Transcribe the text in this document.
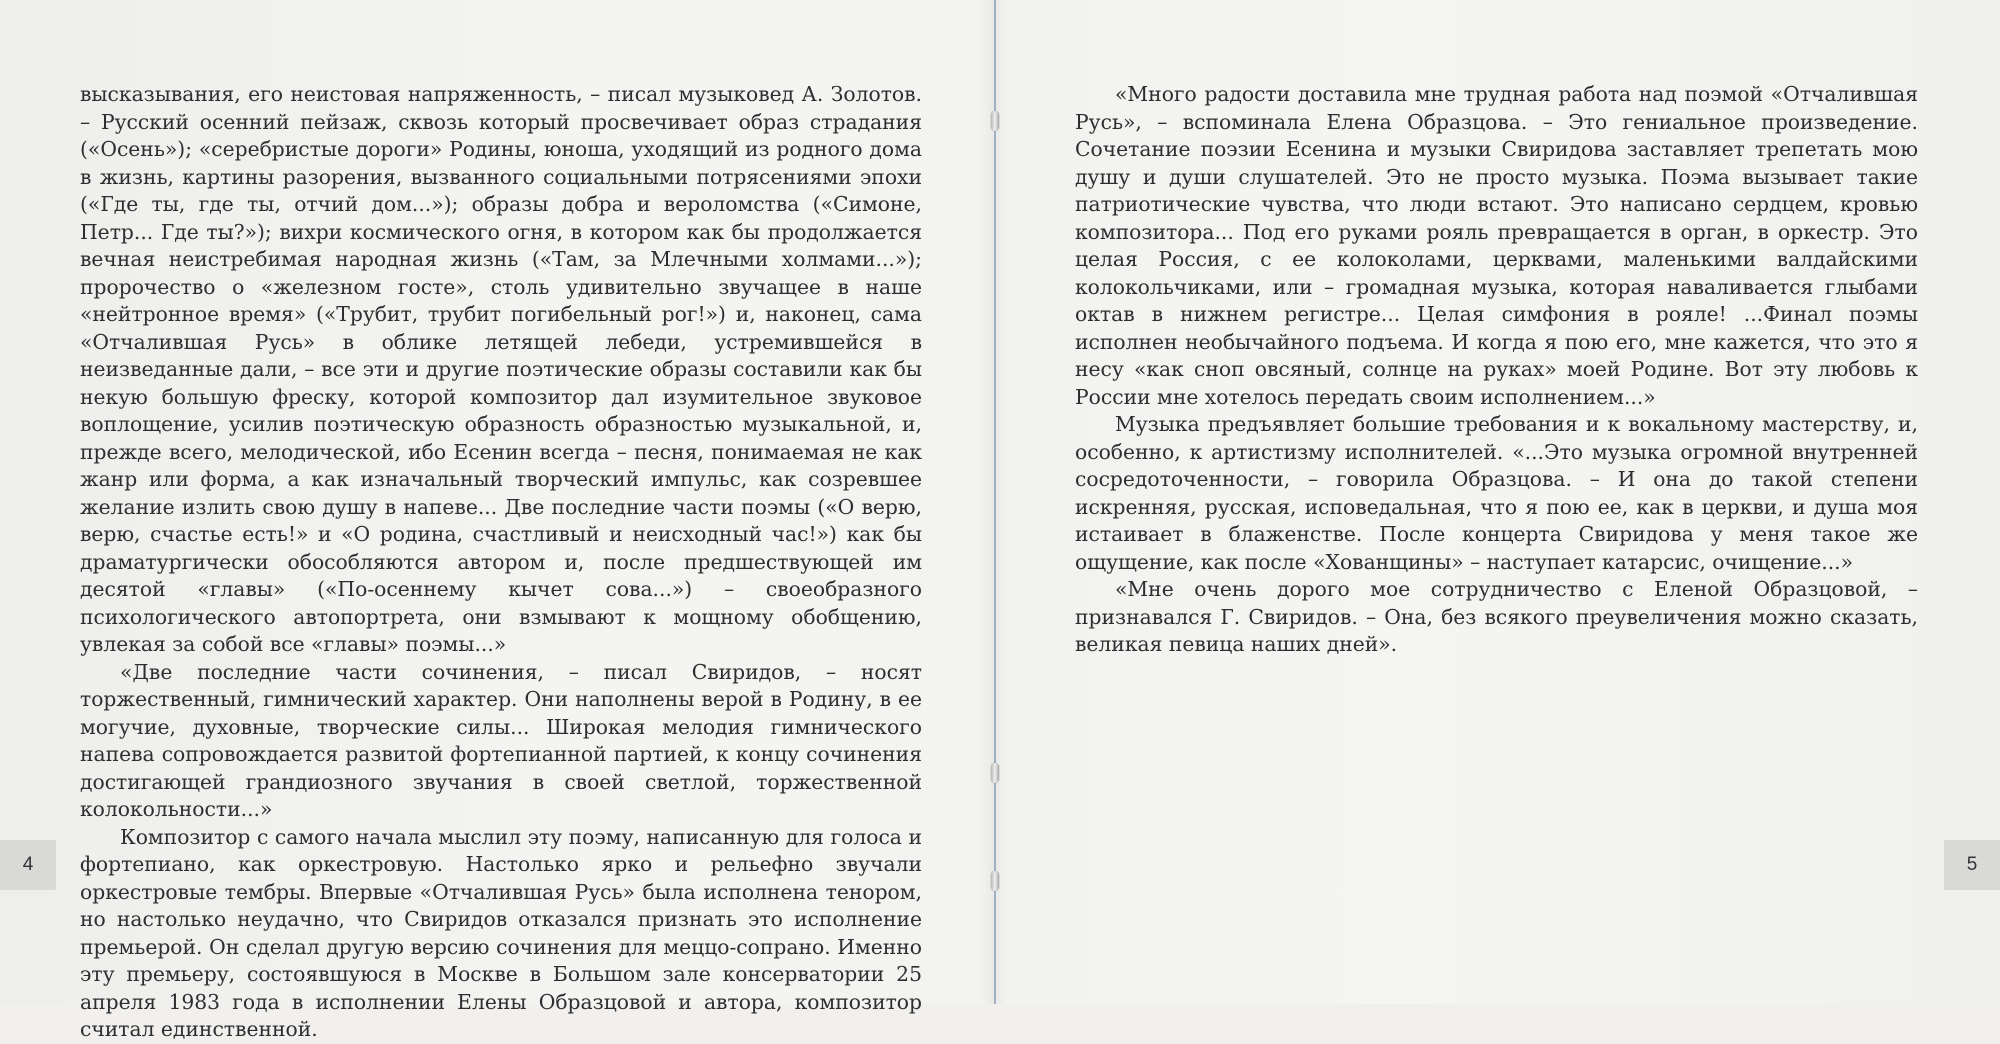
высказывания, его неистовая напряженность, – писал музыковед А. Золотов. – Русский осенний пейзаж, сквозь который просвечивает образ страдания («Осень»); «серебристые дороги» Родины, юноша, уходящий из родного дома в жизнь, картины разорения, вызванного социальными потрясениями эпохи («Где ты, где ты, отчий дом...»); образы добра и вероломства («Симоне, Петр... Где ты?»); вихри космического огня, в котором как бы продолжается вечная неистребимая народная жизнь («Там, за Млечными холмами...»); пророчество о «железном госте», столь удивительно звучащее в наше «нейтронное время» («Трубит, трубит погибельный рог!») и, наконец, сама «Отчалившая Русь» в облике летящей лебеди, устремившейся в неизведанные дали, – все эти и другие поэтические образы составили как бы некую большую фреску, которой композитор дал изумительное звуковое воплощение, усилив поэтическую образность образностью музыкальной, и, прежде всего, мелодической, ибо Есенин всегда – песня, понимаемая не как жанр или форма, а как изначальный творческий импульс, как созревшее желание излить свою душу в напеве... Две последние части поэмы («О верю, верю, счастье есть!» и «О родина, счастливый и неисходный час!») как бы драматургически обособляются автором и, после предшествующей им десятой «главы» («По-осеннему кычет сова...») – своеобразного психологического автопортрета, они взмывают к мощному обобщению, увлекая за собой все «главы» поэмы...»

«Две последние части сочинения, – писал Свиридов, – носят торжественный, гимнический характер. Они наполнены верой в Родину, в ее могучие, духовные, творческие силы... Широкая мелодия гимнического напева сопровождается развитой фортепианной партией, к концу сочинения достигающей грандиозного звучания в своей светлой, торжественной колокольности...»

Композитор с самого начала мыслил эту поэму, написанную для голоса и фортепиано, как оркестровую. Настолько ярко и рельефно звучали оркестровые тембры. Впервые «Отчалившая Русь» была исполнена тенором, но настолько неудачно, что Свиридов отказался признать это исполнение премьерой. Он сделал другую версию сочинения для меццо-сопрано. Именно эту премьеру, состоявшуюся в Москве в Большом зале консерватории 25 апреля 1983 года в исполнении Елены Образцовой и автора, композитор считал единственной.

«Много радости доставила мне трудная работа над поэмой «Отчалившая Русь», – вспоминала Елена Образцова. – Это гениальное произведение. Сочетание поэзии Есенина и музыки Свиридова заставляет трепетать мою душу и души слушателей. Это не просто музыка. Поэма вызывает такие патриотические чувства, что люди встают. Это написано сердцем, кровью композитора... Под его руками рояль превращается в орган, в оркестр. Это целая Россия, с ее колоколами, церквами, маленькими валдайскими колокольчиками, или – громадная музыка, которая наваливается глыбами октав в нижнем регистре... Целая симфония в рояле! ...Финал поэмы исполнен необычайного подъема. И когда я пою его, мне кажется, что это я несу «как сноп овсяный, солнце на руках» моей Родине. Вот эту любовь к России мне хотелось передать своим исполнением...»

Музыка предъявляет большие требования и к вокальному мастерству, и, особенно, к артистизму исполнителей. «...Это музыка огромной внутренней сосредоточенности, – говорила Образцова. – И она до такой степени искренняя, русская, исповедальная, что я пою ее, как в церкви, и душа моя истаивает в блаженстве. После концерта Свиридова у меня такое же ощущение, как после «Хованщины» – наступает катарсис, очищение...»

«Мне очень дорого мое сотрудничество с Еленой Образцовой, – признавался Г. Свиридов. – Она, без всякого преувеличения можно сказать, великая певица наших дней».

4	5
